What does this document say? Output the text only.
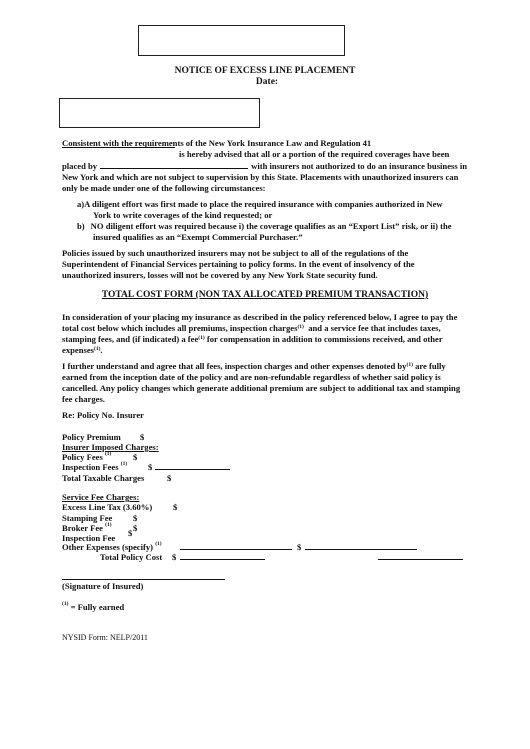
NOTICE OF EXCESS LINE PLACEMENT
Date:
Consistent with the requirements of the New York Insurance Law and Regulation 41
is hereby advised that all or a portion of the required coverages have been
placed by	with insurers not authorized to do an insurance business in
New York and which are not subject to supervision by this State. Placements with unauthorized insurers can
only be made under one of the following circumstances:
a)A diligent effort was first made to place the required insurance with companies authorized in New
York to write coverages of the kind requested; or
b) NO diligent effort was required because i) the coverage qualifies as an “Export List” risk, or ii) the
insured qualifies as an “Exempt Commercial Purchaser.”
Policies issued by such unauthorized insurers may not be subject to all of the regulations of the
Superintendent of Financial Services pertaining to policy forms. In the event of insolvency of the
unauthorized insurers, losses will not be covered by any New York State security fund.
TOTAL COST FORM (NON TAX ALLOCATED PREMIUM TRANSACTION)
In consideration of your placing my insurance as described in the policy referenced below, I agree to pay the
total cost below which includes all premiums, inspection charges$^{(1)}$ and a service fee that includes taxes,
stamping fees, and (if indicated) a fee$^{(1)}$ for compensation in addition to commissions received, and other
expenses$^{(1)}$.
I further understand and agree that all fees, inspection charges and other expenses denoted $by^{(1)}$ are fully
earned from the inception date of the policy and are non-refundable regardless of whether said policy is
cancelled. Any policy changes which generate additional premium are subject to additional tax and stamping
fee charges.
Re: Policy No. Insurer
Policy Premium $
Insurer Imposed Charges:
Policy Fees $^{(1)}$	$
Inspection Fees $^{(1)}$ $
Total Taxable Charges	$
Service Fee Charges:
Excess Line Tax (3.60%) $
Stamping Fee $
Broker Fee $^{(1)}$ $
Inspection Fee $
Other Expenses (specify) $^{(1)}$	$
Total Policy Cost $
(Signature of Insured)
$^{(1)}$ = Fully earned
NYSID Form: NELP/2011
